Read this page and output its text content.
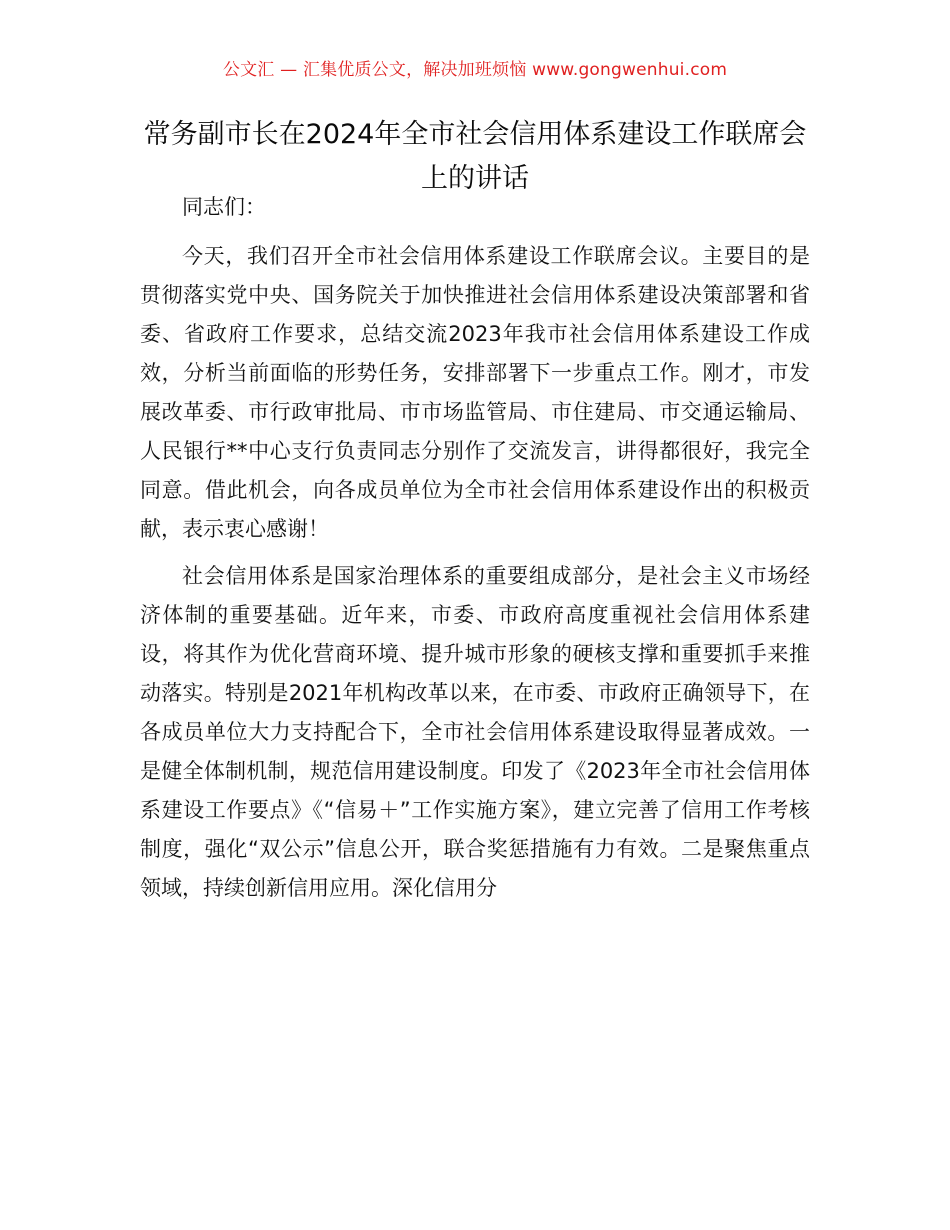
公文汇 — 汇集优质公文，解决加班烦恼 www.gongwenhui.com
常务副市长在2024年全市社会信用体系建设工作联席会上的讲话

同志们：

今天，我们召开全市社会信用体系建设工作联席会议。主要目的是贯彻落实党中央、国务院关于加快推进社会信用体系建设决策部署和省委、省政府工作要求，总结交流2023年我市社会信用体系建设工作成效，分析当前面临的形势任务，安排部署下一步重点工作。刚才，市发展改革委、市行政审批局、市市场监管局、市住建局、市交通运输局、人民银行**中心支行负责同志分别作了交流发言，讲得都很好，我完全同意。借此机会，向各成员单位为全市社会信用体系建设作出的积极贡献，表示衷心感谢！

社会信用体系是国家治理体系的重要组成部分，是社会主义市场经济体制的重要基础。近年来，市委、市政府高度重视社会信用体系建设，将其作为优化营商环境、提升城市形象的硬核支撑和重要抓手来推动落实。特别是2021年机构改革以来，在市委、市政府正确领导下，在各成员单位大力支持配合下，全市社会信用体系建设取得显著成效。一是健全体制机制，规范信用建设制度。印发了《2023年全市社会信用体系建设工作要点》《“信易＋”工作实施方案》，建立完善了信用工作考核制度，强化“双公示”信息公开，联合奖惩措施有力有效。二是聚焦重点领域，持续创新信用应用。深化信用分
